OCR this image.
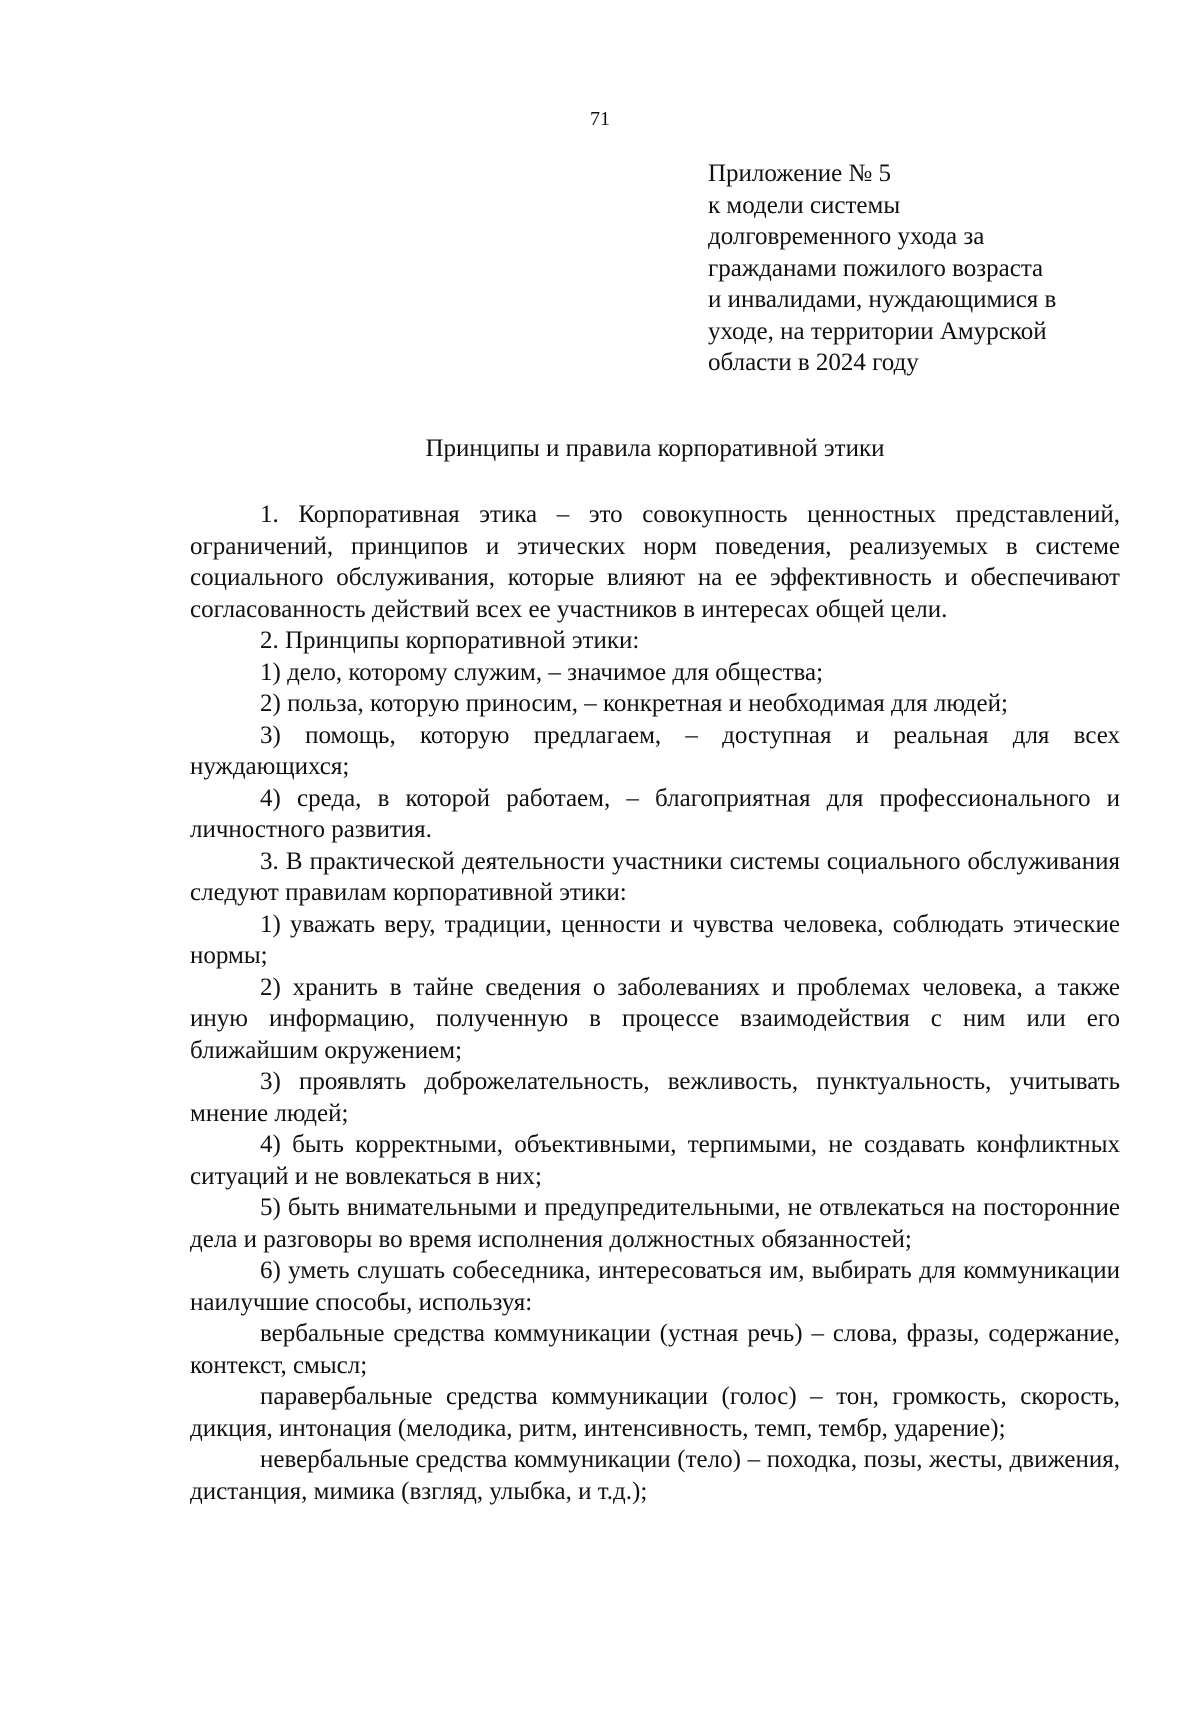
71
Приложение № 5
к модели системы
долговременного ухода за
гражданами пожилого возраста
и инвалидами, нуждающимися в
уходе, на территории Амурской
области в 2024 году
Принципы и правила корпоративной этики

1. Корпоративная этика – это совокупность ценностных представлений, ограничений, принципов и этических норм поведения, реализуемых в системе социального обслуживания, которые влияют на ее эффективность и обеспечивают согласованность действий всех ее участников в интересах общей цели.

2. Принципы корпоративной этики:

1) дело, которому служим, – значимое для общества;

2) польза, которую приносим, – конкретная и необходимая для людей;

3) помощь, которую предлагаем, – доступная и реальная для всех нуждающихся;

4) среда, в которой работаем, – благоприятная для профессионального и личностного развития.

3. В практической деятельности участники системы социального обслуживания следуют правилам корпоративной этики:

1) уважать веру, традиции, ценности и чувства человека, соблюдать этические нормы;

2) хранить в тайне сведения о заболеваниях и проблемах человека, а также иную информацию, полученную в процессе взаимодействия с ним или его ближайшим окружением;

3) проявлять доброжелательность, вежливость, пунктуальность, учитывать мнение людей;

4) быть корректными, объективными, терпимыми, не создавать конфликтных ситуаций и не вовлекаться в них;

5) быть внимательными и предупредительными, не отвлекаться на посторонние дела и разговоры во время исполнения должностных обязанностей;

6) уметь слушать собеседника, интересоваться им, выбирать для коммуникации наилучшие способы, используя:

вербальные средства коммуникации (устная речь) – слова, фразы, содержание, контекст, смысл;

паравербальные средства коммуникации (голос) – тон, громкость, скорость, дикция, интонация (мелодика, ритм, интенсивность, темп, тембр, ударение);

невербальные средства коммуникации (тело) – походка, позы, жесты, движения, дистанция, мимика (взгляд, улыбка, и т.д.);
